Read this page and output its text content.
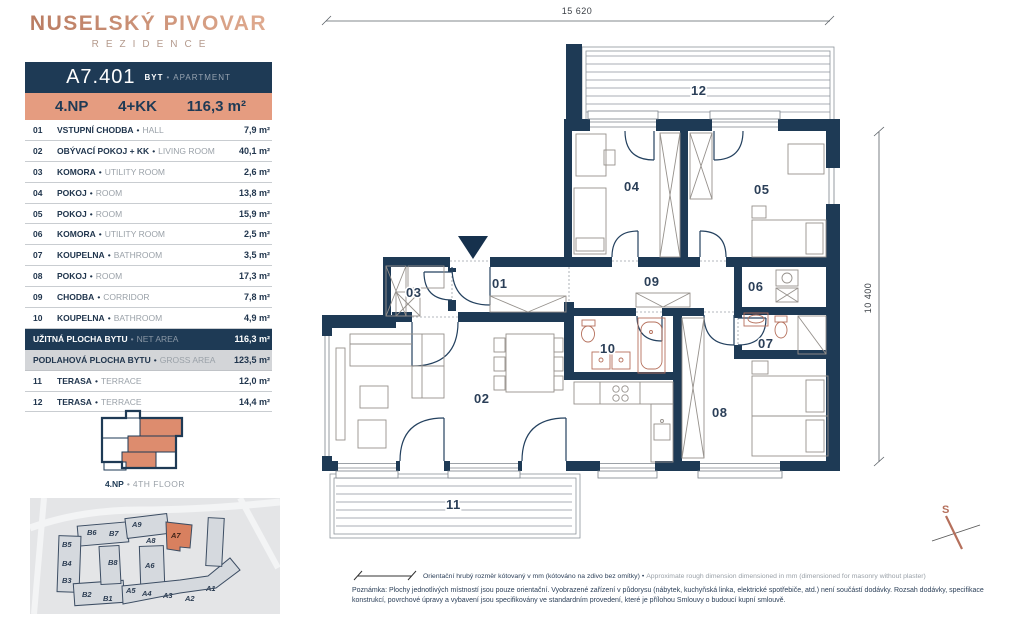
NUSELSKÝ PIVOVAR
REZIDENCE
A7.401 BYT • APARTMENT
4.NP 4+KK 116,3 m²
01	VSTUPNÍ CHODBA • HALL	7,9 m²
02	OBÝVACÍ POKOJ + KK • LIVING ROOM	40,1 m²
03	KOMORA • UTILITY ROOM	2,6 m²
04	POKOJ • ROOM	13,8 m²
05	POKOJ • ROOM	15,9 m²
06	KOMORA • UTILITY ROOM	2,5 m²
07	KOUPELNA • BATHROOM	3,5 m²
08	POKOJ • ROOM	17,3 m²
09	CHODBA • CORRIDOR	7,8 m²
10	KOUPELNA • BATHROOM	4,9 m²
UŽITNÁ PLOCHA BYTU • NET AREA	116,3 m²
PODLAHOVÁ PLOCHA BYTU • GROSS AREA	123,5 m²
11	TERASA • TERRACE	12,0 m²
12	TERASA • TERRACE	14,4 m²
4.NP • 4TH FLOOR
B6 B7
B5
B4
B3
B2 B1
B8
A9
A8
A7
A6
A5 A4 A3 A2
A1
15 620
10 400
01
02
03
04	05
06
07
08
09
10
11
12
S
Orientační hrubý rozměr kótovaný v mm (kótováno na zdivo bez omítky) • Approximate rough dimension dimensioned in mm (dimensioned for masonry without plaster)
Poznámka: Plochy jednotlivých místností jsou pouze orientační. Vyobrazené zařízení v půdorysu (nábytek, kuchyňská linka, elektrické spotřebiče, atd.) není součástí dodávky. Rozsah dodávky, specifikace konstrukcí, povrchové úpravy a vybavení jsou specifikovány ve standardním provedení, které je přílohou Smlouvy o budoucí kupní smlouvě.
